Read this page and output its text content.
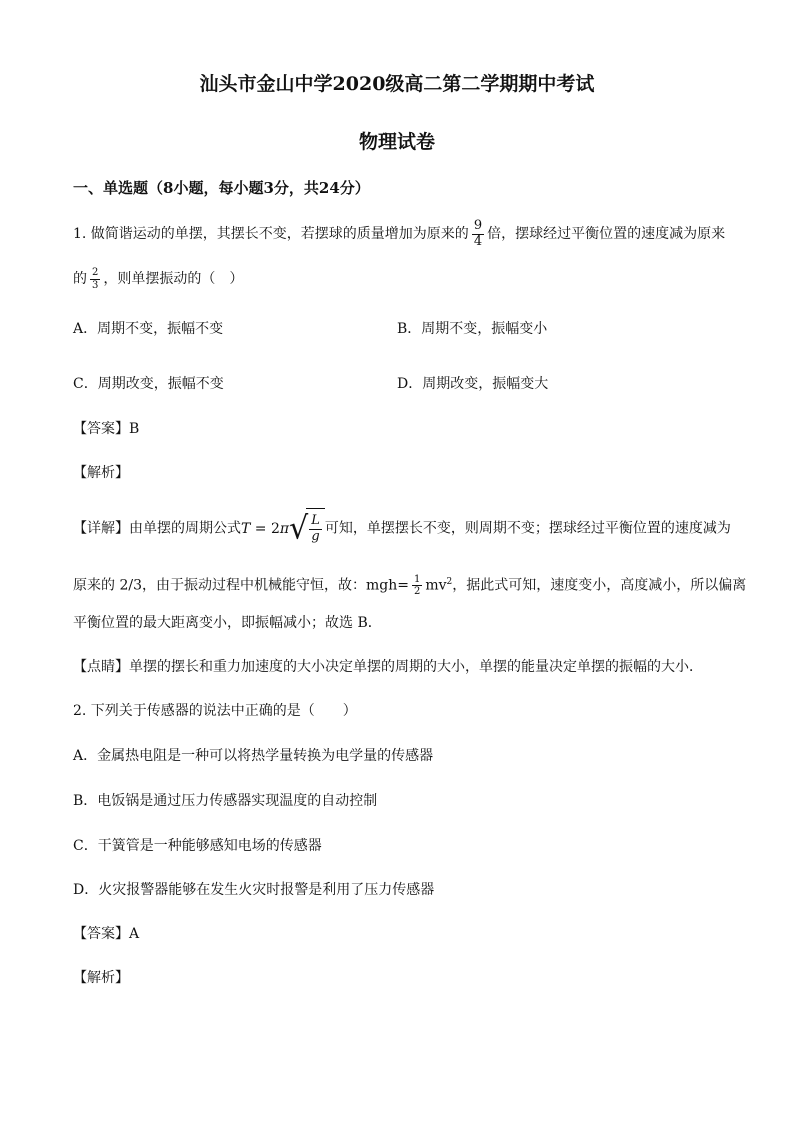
汕头市金山中学2020级高二第二学期期中考试
物理试卷
一、单选题（8小题，每小题3分，共24分）
1. 做简谐运动的单摆，其摆长不变，若摆球的质量增加为原来的 $\frac{9}{4}$ 倍，摆球经过平衡位置的速度减为原来
的 $\frac{2}{3}$ ，则单摆振动的（　）
A．周期不变，振幅不变	B．周期不变，振幅变小
C．周期改变，振幅不变	D．周期改变，振幅变大
【答案】B
【解析】
【详解】由单摆的周期公式$T = 2\pi√ \frac{L}{g}$ 可知，单摆摆长不变，则周期不变；摆球经过平衡位置的速度减为
原来的 2/3，由于振动过程中机械能守恒，故：$mgh= \frac{1}{2} mv^2$，据此式可知，速度变小，高度减小，所以偏离
平衡位置的最大距离变小，即振幅减小；故选 B．
【点睛】单摆的摆长和重力加速度的大小决定单摆的周期的大小，单摆的能量决定单摆的振幅的大小．
2. 下列关于传感器的说法中正确的是（　　）
A．金属热电阻是一种可以将热学量转换为电学量的传感器
B．电饭锅是通过压力传感器实现温度的自动控制
C．干簧管是一种能够感知电场的传感器
D．火灾报警器能够在发生火灾时报警是利用了压力传感器
【答案】A
【解析】
